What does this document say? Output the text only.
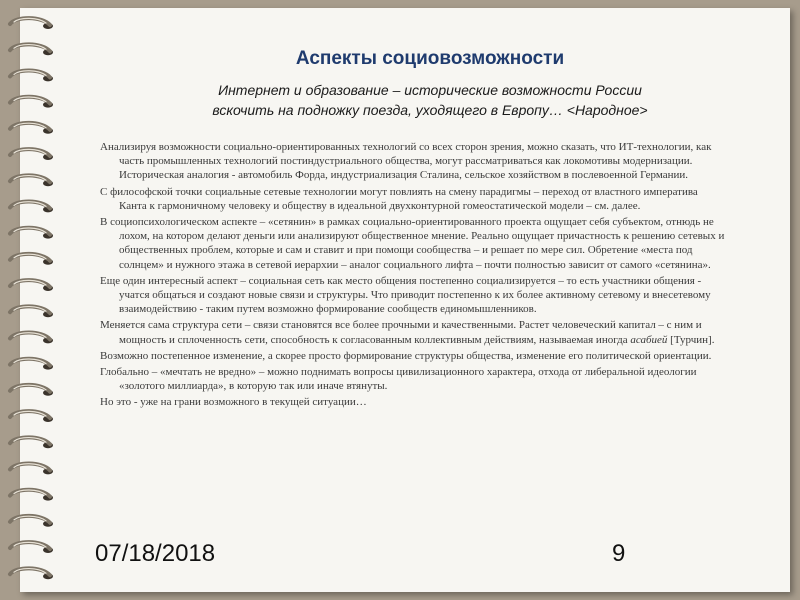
Аспекты социовозможности
Интернет и образование – исторические возможности России
вскочить на подножку поезда, уходящего в Европу… <Народное>

Анализируя возможности социально-ориентированных технологий со всех сторон зрения, можно сказать, что ИТ-технологии, как часть промышленных технологий постиндустриального общества, могут рассматриваться как локомотивы модернизации. Историческая аналогия - автомобиль Форда, индустриализация Сталина, сельское хозяйством в послевоенной Германии.

С философской точки социальные сетевые технологии могут повлиять на смену парадигмы – переход от властного императива Канта к гармоничному человеку и обществу в идеальной двухконтурной гомеостатической модели – см. далее.

В социопсихологическом аспекте – «сетянин» в рамках социально-ориентированного проекта ощущает себя субъектом, отнюдь не лохом, на котором делают деньги или анализируют общественное мнение. Реально ощущает причастность к решению сетевых и общественных проблем, которые и сам и ставит и при помощи сообщества – и решает по мере сил. Обретение «места под солнцем» и нужного этажа в сетевой иерархии – аналог социального лифта – почти полностью зависит от самого «сетянина».

Еще один интересный аспект – социальная сеть как место общения постепенно социализируется – то есть участники общения - учатся общаться и создают новые связи и структуры. Что приводит постепенно к их более активному сетевому и внесетевому взаимодействию - таким путем возможно формирование сообществ единомышленников.

Меняется сама структура сети – связи становятся все более прочными и качественными. Растет человеческий капитал – с ним и мощность и сплоченность сети, способность к согласованным коллективным действиям, называемая иногда асабией [Турчин].

Возможно постепенное изменение, а скорее просто формирование структуры общества, изменение его политической ориентации.

Глобально – «мечтать не вредно» – можно поднимать вопросы цивилизационного характера, отхода от либеральной идеологии «золотого миллиарда», в которую так или иначе втянуты.

Но это - уже на грани возможного в текущей ситуации…

07/18/2018	9
